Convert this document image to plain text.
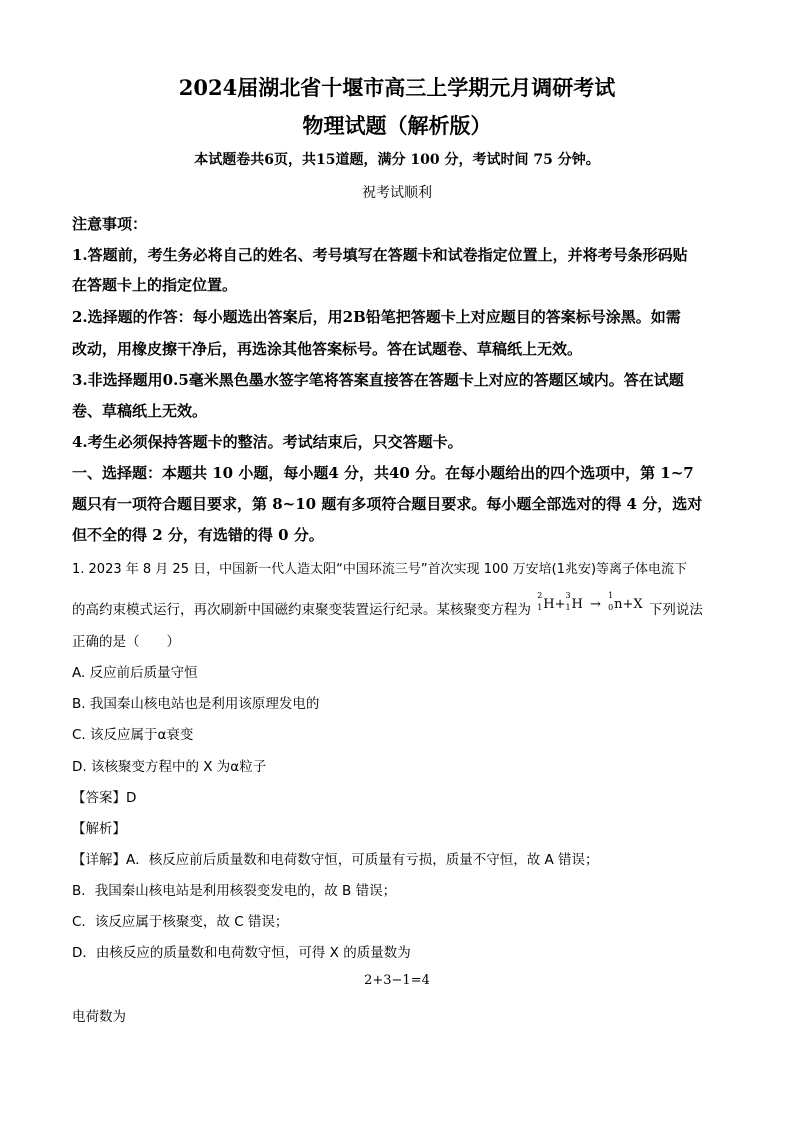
2024届湖北省十堰市高三上学期元月调研考试
物理试题（解析版）
本试题卷共6页，共15道题，满分 100 分，考试时间 75 分钟。
祝考试顺利
注意事项：
1.答题前，考生务必将自己的姓名、考号填写在答题卡和试卷指定位置上，并将考号条形码贴
在答题卡上的指定位置。
2.选择题的作答：每小题选出答案后，用2B铅笔把答题卡上对应题目的答案标号涂黑。如需
改动，用橡皮擦干净后，再选涂其他答案标号。答在试题卷、草稿纸上无效。
3.非选择题用0.5毫米黑色墨水签字笔将答案直接答在答题卡上对应的答题区域内。答在试题
卷、草稿纸上无效。
4.考生必须保持答题卡的整洁。考试结束后，只交答题卡。
一、选择题：本题共 10 小题，每小题4 分，共40 分。在每小题给出的四个选项中，第 1~7
题只有一项符合题目要求，第 8~10 题有多项符合题目要求。每小题全部选对的得 4 分，选对
但不全的得 2 分，有选错的得 0 分。
1. 2023 年 8 月 25 日，中国新一代人造太阳“中国环流三号”首次实现 100 万安培(1兆安)等离子体电流下
的高约束模式运行，再次刷新中国磁约束聚变装置运行纪录。某核聚变方程为
2
1 H+
3
1 H →
1
0 n+X 下列说法
正确的是（　　）
A. 反应前后质量守恒
B. 我国秦山核电站也是利用该原理发电的
C. 该反应属于α衰变
D. 该核聚变方程中的 X 为α粒子
【答案】D
【解析】
【详解】A．核反应前后质量数和电荷数守恒，可质量有亏损，质量不守恒，故 A 错误；
B．我国秦山核电站是利用核裂变发电的，故 B 错误；
C．该反应属于核聚变，故 C 错误；
D．由核反应的质量数和电荷数守恒，可得 X 的质量数为
2+3−1=4
电荷数为
